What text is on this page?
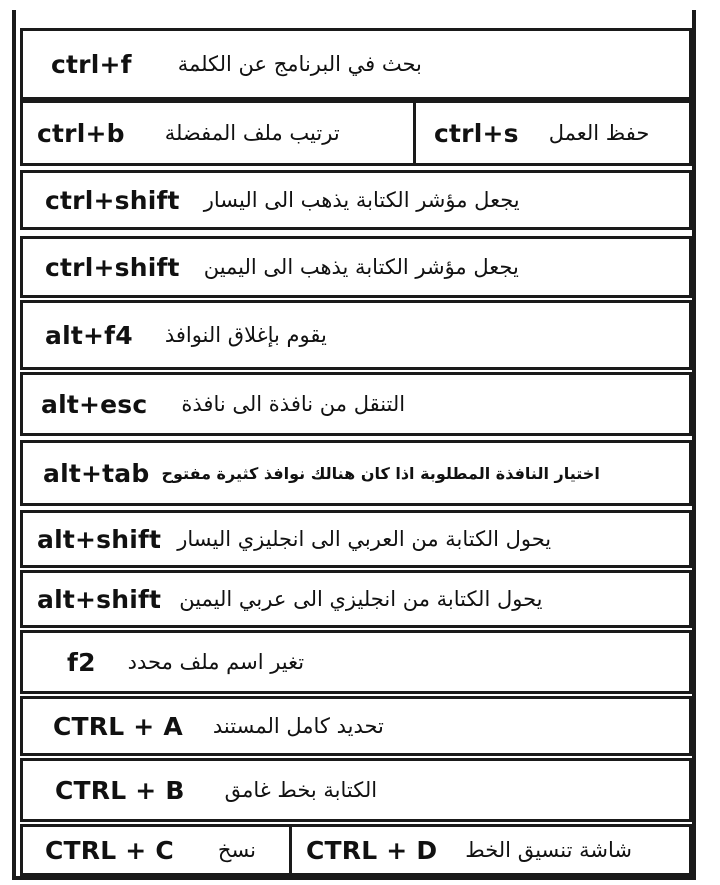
ctrl+f بحث في البرنامج عن الكلمة
ctrl+b ترتيب ملف المفضلة	ctrl+s حفظ العمل
ctrl+shift يجعل مؤشر الكتابة يذهب الى اليسار
ctrl+shift يجعل مؤشر الكتابة يذهب الى اليمين
alt+f4 يقوم بإغلاق النوافذ
alt+esc التنقل من نافذة الى نافذة
alt+tab اختيار النافذة المطلوبة اذا كان هنالك نوافذ كثيرة مفتوح
alt+shift يحول الكتابة من العربي الى انجليزي اليسار
alt+shift يحول الكتابة من انجليزي الى عربي اليمين
f2 تغير اسم ملف محدد
CTRL + A تحديد كامل المستند
CTRL + B الكتابة بخط غامق
CTRL + C نسخ CTRL + D شاشة تنسيق الخط
